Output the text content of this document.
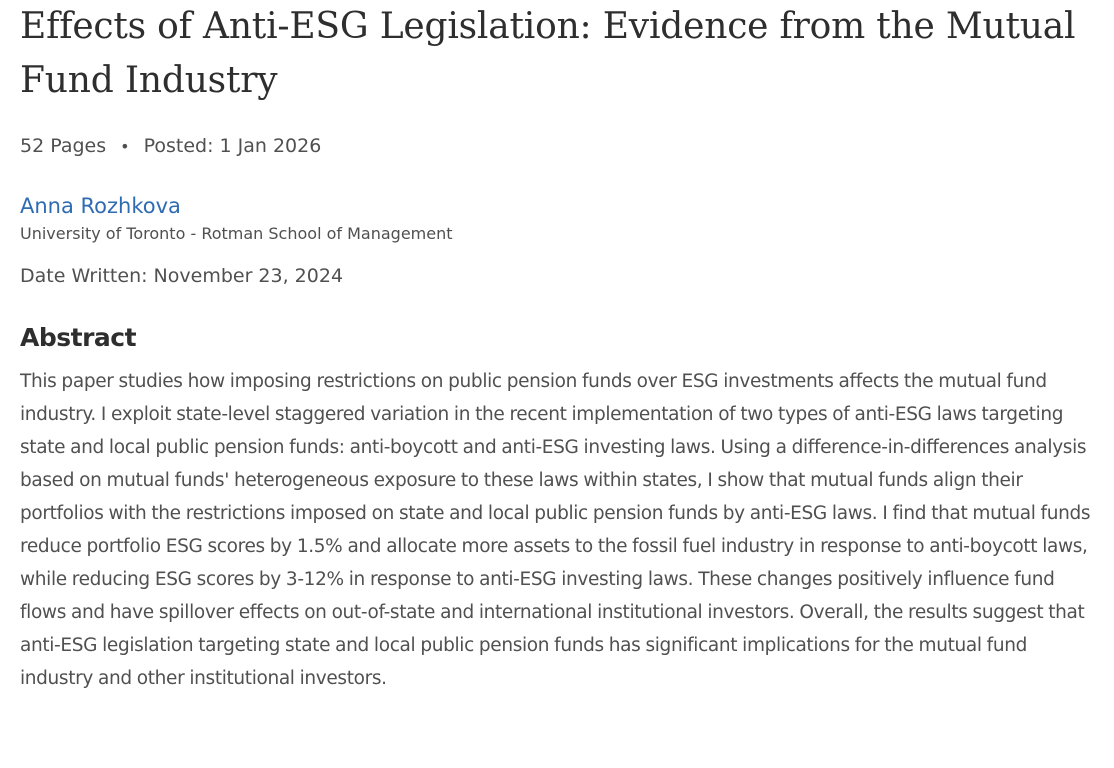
Effects of Anti-ESG Legislation: Evidence from the Mutual Fund Industry
52 Pages • Posted: 1 Jan 2026
Anna Rozhkova
University of Toronto - Rotman School of Management
Date Written: November 23, 2024
Abstract
This paper studies how imposing restrictions on public pension funds over ESG investments affects the mutual fund industry. I exploit state-level staggered variation in the recent implementation of two types of anti-ESG laws targeting state and local public pension funds: anti-boycott and anti-ESG investing laws. Using a difference-in-differences analysis based on mutual funds' heterogeneous exposure to these laws within states, I show that mutual funds align their portfolios with the restrictions imposed on state and local public pension funds by anti-ESG laws. I find that mutual funds reduce portfolio ESG scores by 1.5% and allocate more assets to the fossil fuel industry in response to anti-boycott laws, while reducing ESG scores by 3-12% in response to anti-ESG investing laws. These changes positively influence fund flows and have spillover effects on out-of-state and international institutional investors. Overall, the results suggest that anti-ESG legislation targeting state and local public pension funds has significant implications for the mutual fund industry and other institutional investors.
